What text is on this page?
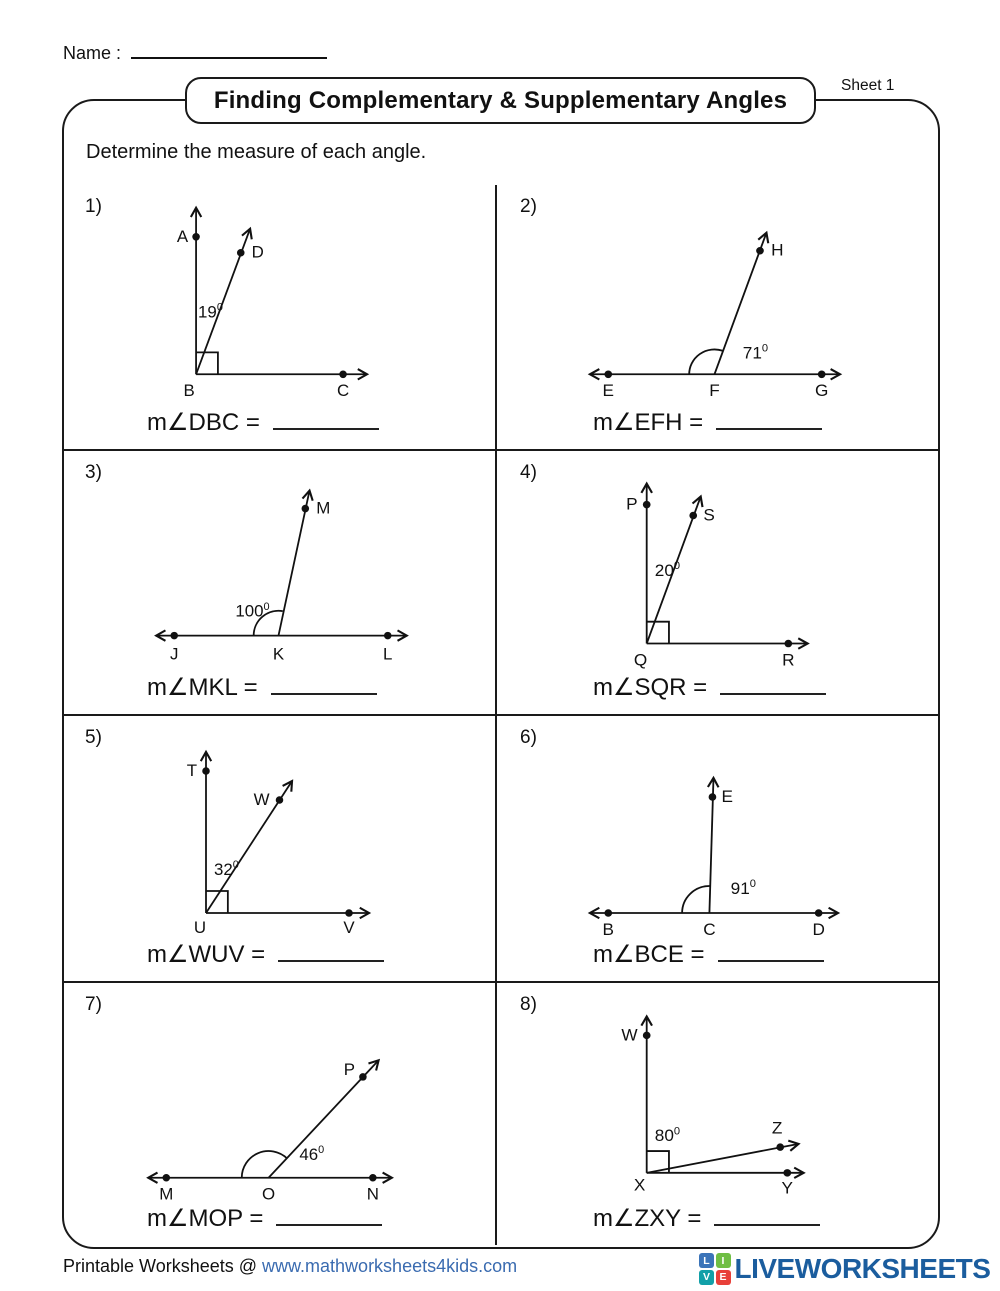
Name :
Finding Complementary & Supplementary Angles
Sheet 1
Determine the measure of each angle.
1)
A
B	C
D
$19^0$
m∠DBC =
2)
E	F	G
H
$71^0$
m∠EFH =
3)
J	K	L
M
$100^0$
m∠MKL =
4)
P
Q	R
S
$20^0$
m∠SQR =
5)
T
U	V
W
$32^0$
m∠WUV =
6)
B	C	D
E
$91^0$
m∠BCE =
7)
M	O	N
P
$46^0$
m∠MOP =
8)
W
X	Y
Z
$80^0$
m∠ZXY =
Printable Worksheets @ www.mathworksheets4kids.com	L	I
V E LIVEWORKSHEETS
